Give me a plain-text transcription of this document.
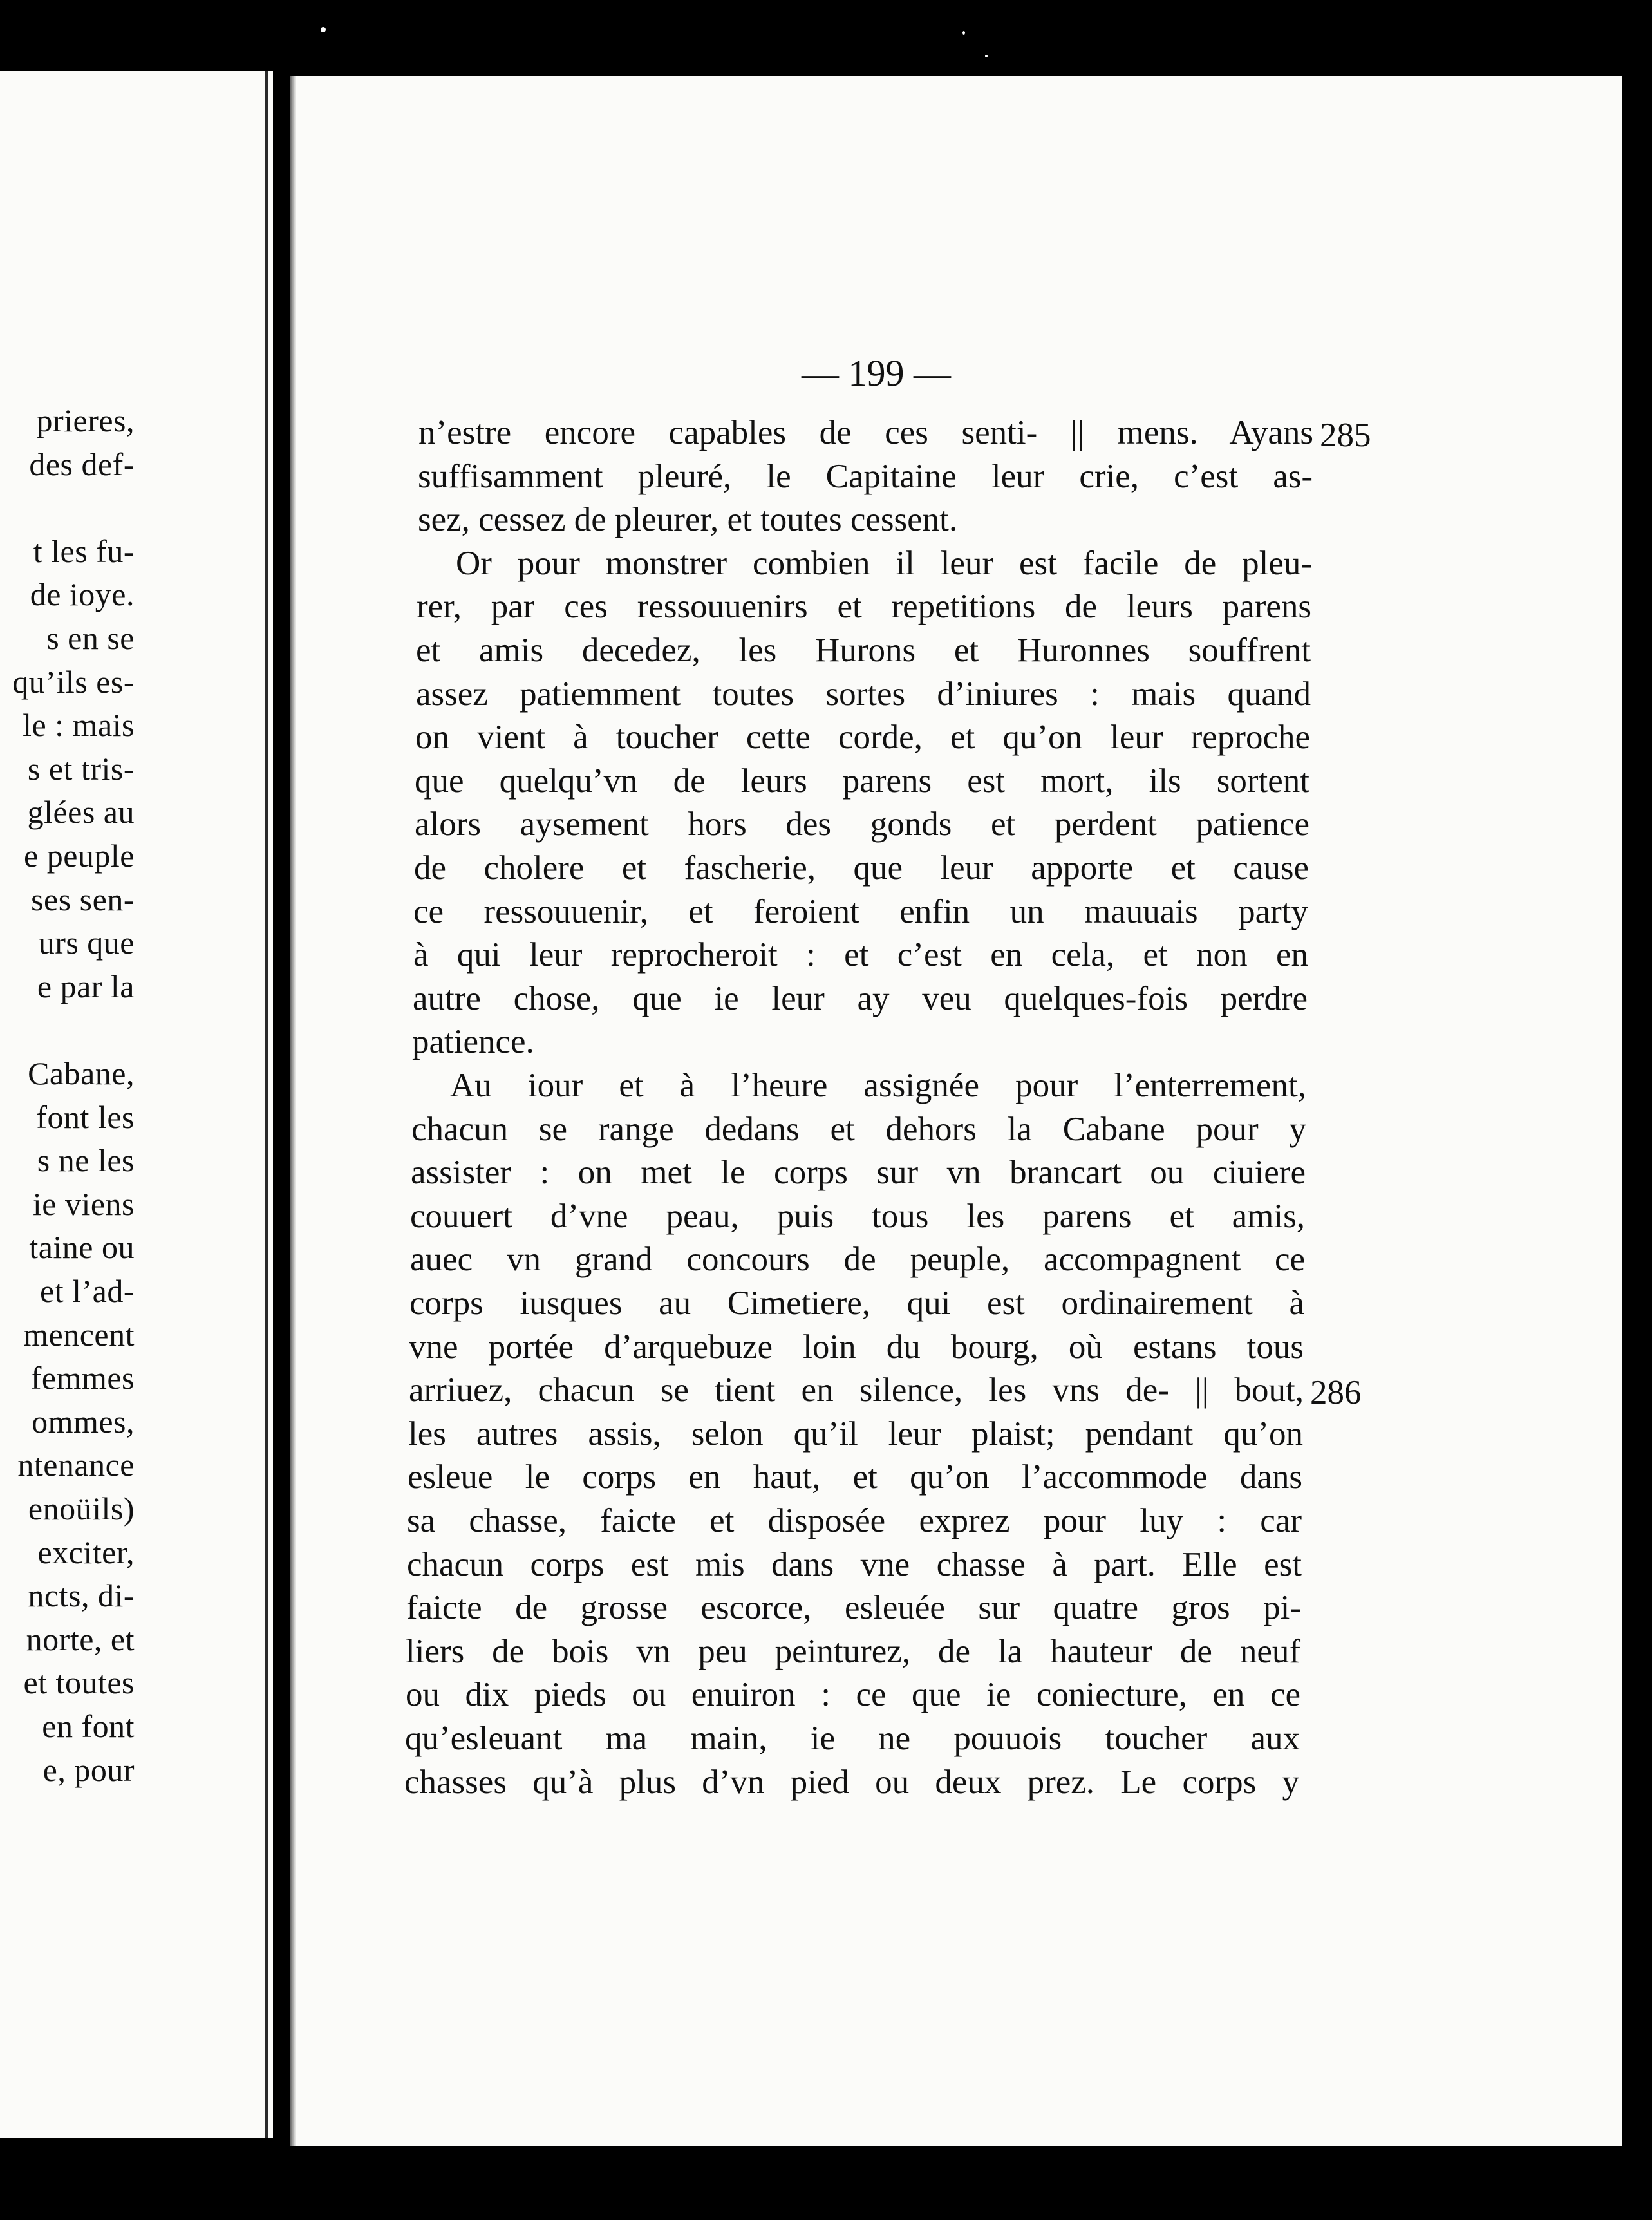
prieres,
des def-
t les fu-
de ioye.
s en se
qu’ils es-
le : mais
s et tris-
glées au
e peuple
ses sen-
urs que
e par la
Cabane,
font les
s ne les
ie viens
taine ou
et l’ad-
mencent
femmes
ommes,
ntenance
enoüils)
exciter,
ncts, di-
norte, et
et toutes
en font
e, pour
— 199 —
n’estre encore capables de ces senti- || mens. Ayans 285
suffisamment pleuré, le Capitaine leur crie, c’est as-
sez, cessez de pleurer, et toutes cessent.
Or pour monstrer combien il leur est facile de pleu-
rer, par ces ressouuenirs et repetitions de leurs parens
et amis decedez, les Hurons et Huronnes souffrent
assez patiemment toutes sortes d’iniures : mais quand
on vient à toucher cette corde, et qu’on leur reproche
que quelqu’vn de leurs parens est mort, ils sortent
alors aysement hors des gonds et perdent patience
de cholere et fascherie, que leur apporte et cause
ce ressouuenir, et feroient enfin un mauuais party
à qui leur reprocheroit : et c’est en cela, et non en
autre chose, que ie leur ay veu quelques-fois perdre
patience.
Au iour et à l’heure assignée pour l’enterrement,
chacun se range dedans et dehors la Cabane pour y
assister : on met le corps sur vn brancart ou ciuiere
couuert d’vne peau, puis tous les parens et amis,
auec vn grand concours de peuple, accompagnent ce
corps iusques au Cimetiere, qui est ordinairement à
vne portée d’arquebuze loin du bourg, où estans tous
arriuez, chacun se tient en silence, les vns de- || bout, 286
les autres assis, selon qu’il leur plaist; pendant qu’on
esleue le corps en haut, et qu’on l’accommode dans
sa chasse, faicte et disposée exprez pour luy : car
chacun corps est mis dans vne chasse à part. Elle est
faicte de grosse escorce, esleuée sur quatre gros pi-
liers de bois vn peu peinturez, de la hauteur de neuf
ou dix pieds ou enuiron : ce que ie coniecture, en ce
qu’esleuant ma main, ie ne pouuois toucher aux
chasses qu’à plus d’vn pied ou deux prez. Le corps y
